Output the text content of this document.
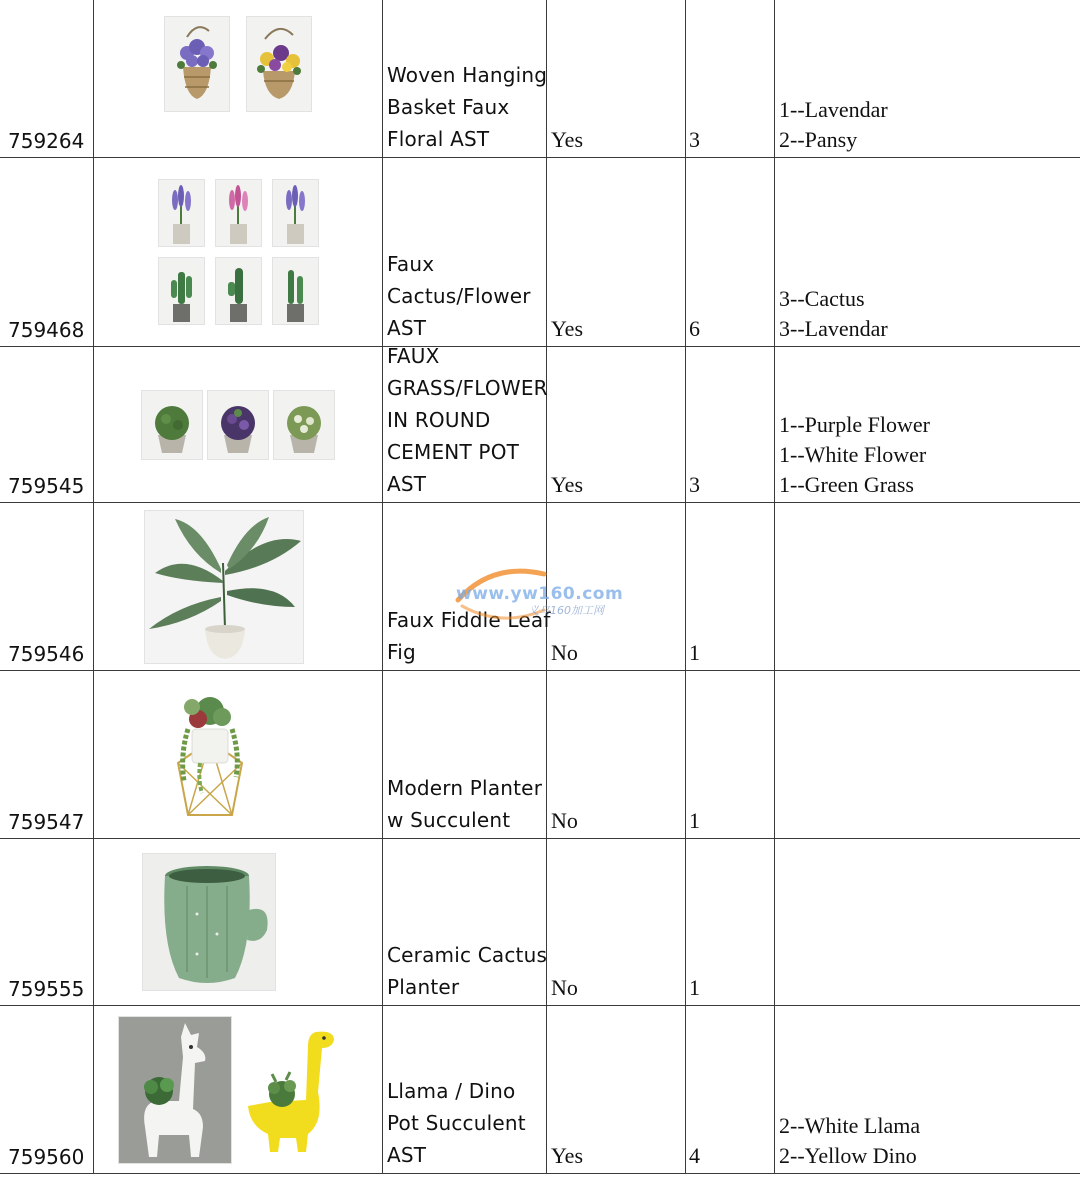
759264
Woven Hanging
Basket Faux
Floral AST	Yes	3
1--Lavendar
2--Pansy
759468
Faux
Cactus/Flower
AST	Yes	6
3--Cactus
3--Lavendar
759545
FAUX
GRASS/FLOWER
IN ROUND
CEMENT POT
AST	Yes	3
1--Purple Flower
1--White Flower
1--Green Grass
759546
Faux Fiddle Leaf
Fig	No	1
759547
Modern Planter
w Succulent	No	1
759555
Ceramic Cactus
Planter	No	1
759560
Llama / Dino
Pot Succulent
AST	Yes	4
2--White Llama
2--Yellow Dino
www.yw160.com
义乌160加工网
